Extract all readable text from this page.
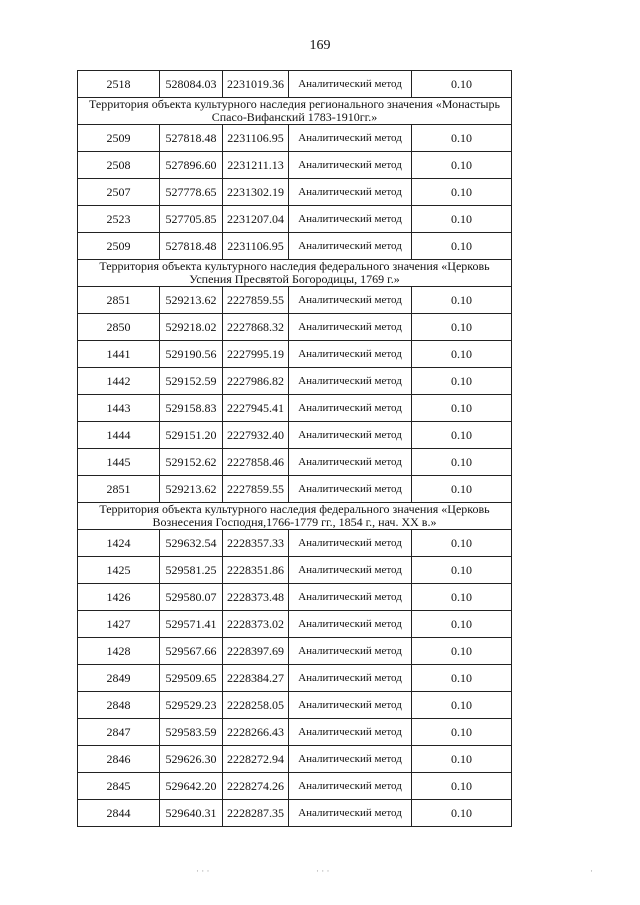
169
2518	528084.03	2231019.36	Аналитический метод	0.10
Территория объекта культурного наследия регионального значения «Монастырь Спасо-Вифанский 1783-1910гг.»				
2509	527818.48	2231106.95	Аналитический метод	0.10
2508	527896.60	2231211.13	Аналитический метод	0.10
2507	527778.65	2231302.19	Аналитический метод	0.10
2523	527705.85	2231207.04	Аналитический метод	0.10
2509	527818.48	2231106.95	Аналитический метод	0.10
Территория объекта культурного наследия федерального значения «Церковь Успения Пресвятой Богородицы, 1769 г.»				
2851	529213.62	2227859.55	Аналитический метод	0.10
2850	529218.02	2227868.32	Аналитический метод	0.10
1441	529190.56	2227995.19	Аналитический метод	0.10
1442	529152.59	2227986.82	Аналитический метод	0.10
1443	529158.83	2227945.41	Аналитический метод	0.10
1444	529151.20	2227932.40	Аналитический метод	0.10
1445	529152.62	2227858.46	Аналитический метод	0.10
2851	529213.62	2227859.55	Аналитический метод	0.10
Территория объекта культурного наследия федерального значения «Церковь Вознесения Господня,1766-1779 гг., 1854 г., нач. XX в.»				
1424	529632.54	2228357.33	Аналитический метод	0.10
1425	529581.25	2228351.86	Аналитический метод	0.10
1426	529580.07	2228373.48	Аналитический метод	0.10
1427	529571.41	2228373.02	Аналитический метод	0.10
1428	529567.66	2228397.69	Аналитический метод	0.10
2849	529509.65	2228384.27	Аналитический метод	0.10
2848	529529.23	2228258.05	Аналитический метод	0.10
2847	529583.59	2228266.43	Аналитический метод	0.10
2846	529626.30	2228272.94	Аналитический метод	0.10
2845	529642.20	2228274.26	Аналитический метод	0.10
2844	529640.31	2228287.35	Аналитический метод	0.10
· · ·	· · ·	·
